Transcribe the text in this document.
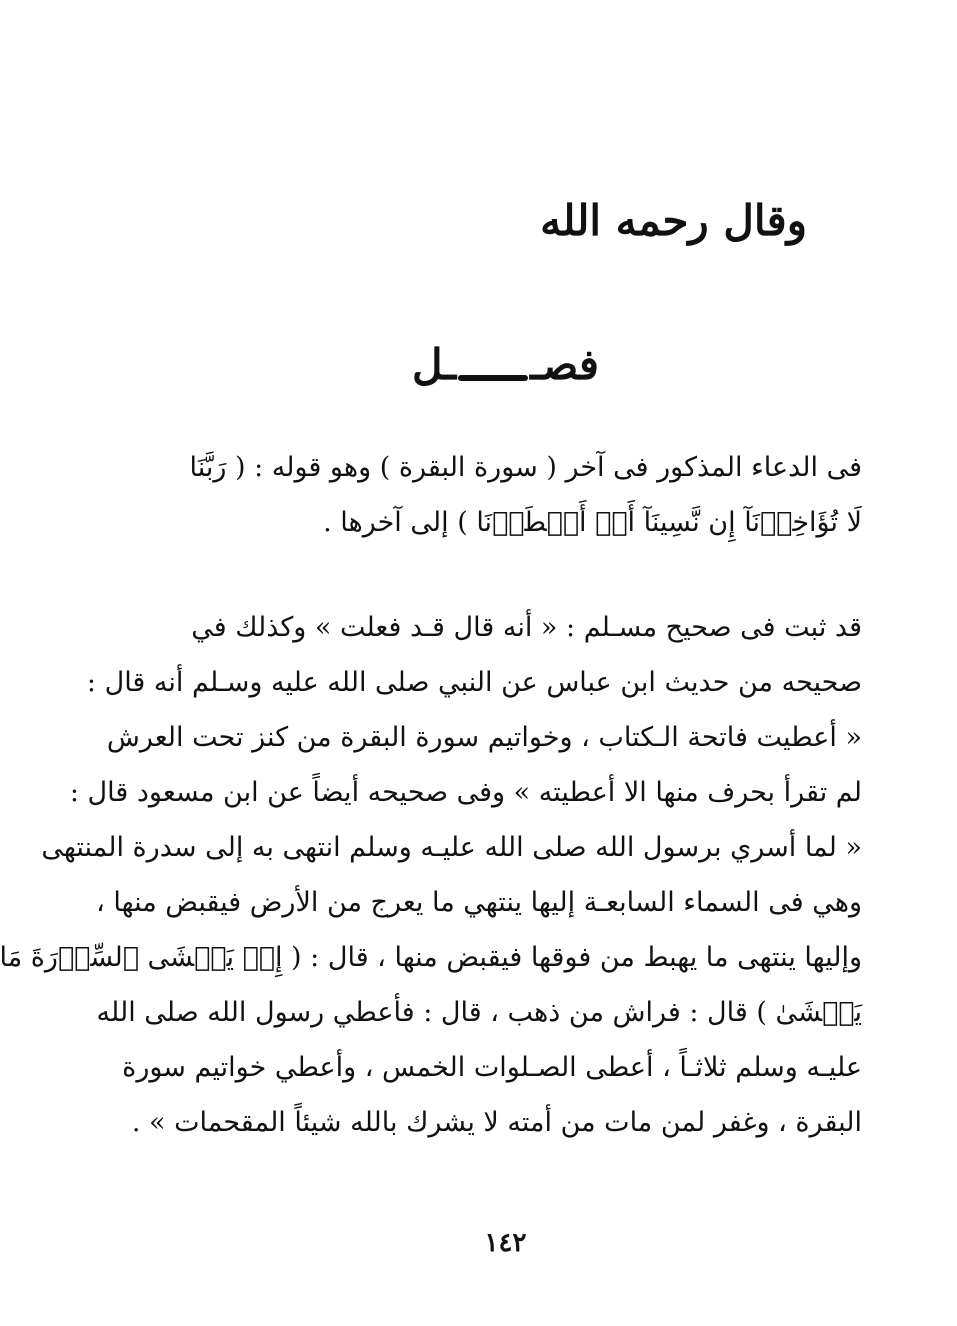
وقال رحمه الله
فصــل
فى الدعاء المذكور فى آخر ( سورة البقرة ) وهو قوله : ( رَبَّنَا
لَا تُؤَاخِذۡنَآ إِن نَّسِينَآ أَوۡ أَخۡطَأۡنَا ) إلى آخرها .
قد ثبت فى صحيح مسـلم : « أنه قال قـد فعلت » وكذلك في
صحيحه من حديث ابن عباس عن النبي صلى الله عليه وسـلم أنه قال :
« أعطيت فاتحة الـكتاب ، وخواتيم سورة البقرة من كنز تحت العرش
لم تقرأ بحرف منها الا أعطيته » وفى صحيحه أيضاً عن ابن مسعود قال :
« لما أسري برسول الله صلى الله عليـه وسلم انتهى به إلى سدرة المنتهى
وهي فى السماء السابعـة إليها ينتهي ما يعرج من الأرض فيقبض منها ،
وإليها ينتهى ما يهبط من فوقها فيقبض منها ، قال : ( إِذۡ يَغۡشَى ٱلسِّدۡرَةَ مَا
يَغۡشَىٰ ) قال : فراش من ذهب ، قال : فأعطي رسول الله صلى الله
عليـه وسلم ثلاثـاً ، أعطى الصـلوات الخمس ، وأعطي خواتيم سورة
البقرة ، وغفر لمن مات من أمته لا يشرك بالله شيئاً المقحمات » .
١٤٢
